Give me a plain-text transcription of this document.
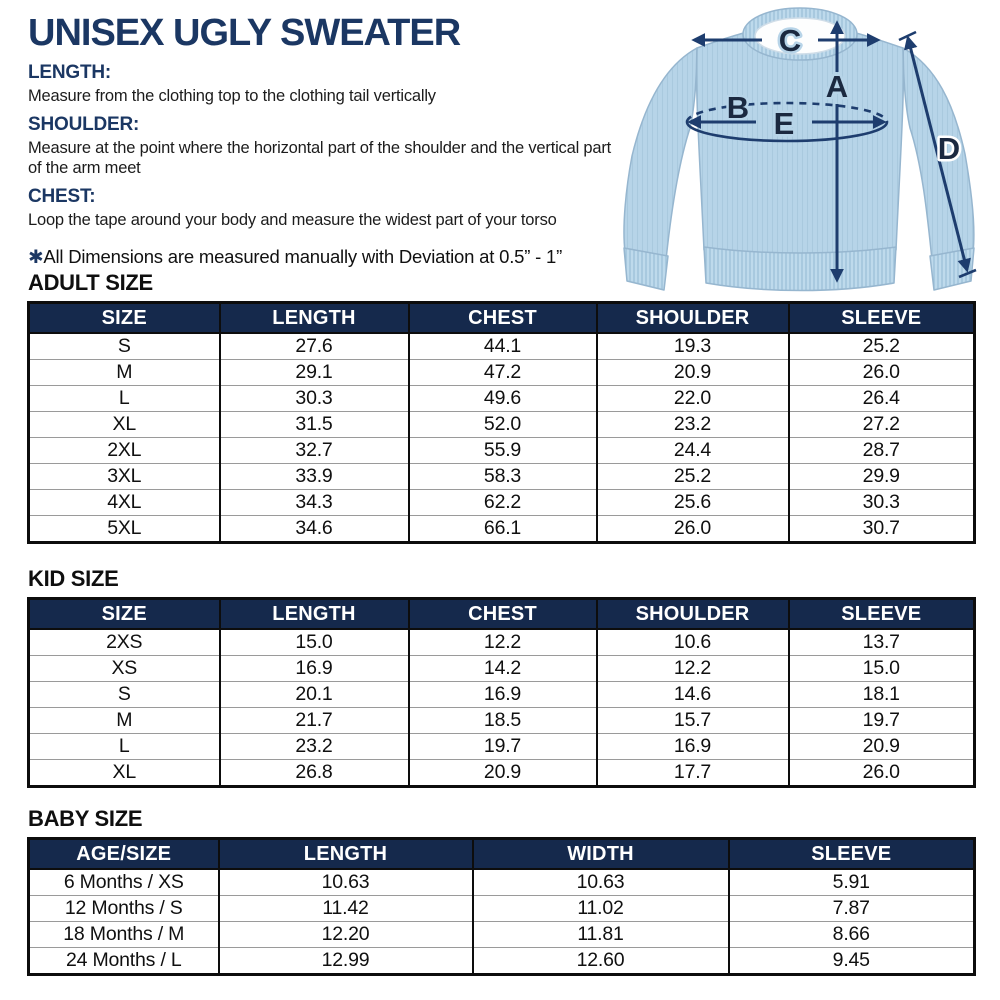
UNISEX UGLY SWEATER
LENGTH:

Measure from the clothing top to the clothing tail vertically

SHOULDER:

Measure at the point where the horizontal part of the shoulder and the vertical part of the arm meet

CHEST:

Loop the tape around your body and measure the widest part of your torso

✱All Dimensions are measured manually with Deviation at 0.5” - 1”

C
A
B E
D
ADULT SIZE
SIZE	LENGTH	CHEST	SHOULDER	SLEEVE
S	27.6	44.1	19.3	25.2
M	29.1	47.2	20.9	26.0
L	30.3	49.6	22.0	26.4
XL	31.5	52.0	23.2	27.2
2XL	32.7	55.9	24.4	28.7
3XL	33.9	58.3	25.2	29.9
4XL	34.3	62.2	25.6	30.3
5XL	34.6	66.1	26.0	30.7
KID SIZE
SIZE	LENGTH	CHEST	SHOULDER	SLEEVE
2XS	15.0	12.2	10.6	13.7
XS	16.9	14.2	12.2	15.0
S	20.1	16.9	14.6	18.1
M	21.7	18.5	15.7	19.7
L	23.2	19.7	16.9	20.9
XL	26.8	20.9	17.7	26.0
BABY SIZE
AGE/SIZE	LENGTH	WIDTH	SLEEVE
6 Months / XS	10.63	10.63	5.91
12 Months / S	11.42	11.02	7.87
18 Months / M	12.20	11.81	8.66
24 Months / L	12.99	12.60	9.45
